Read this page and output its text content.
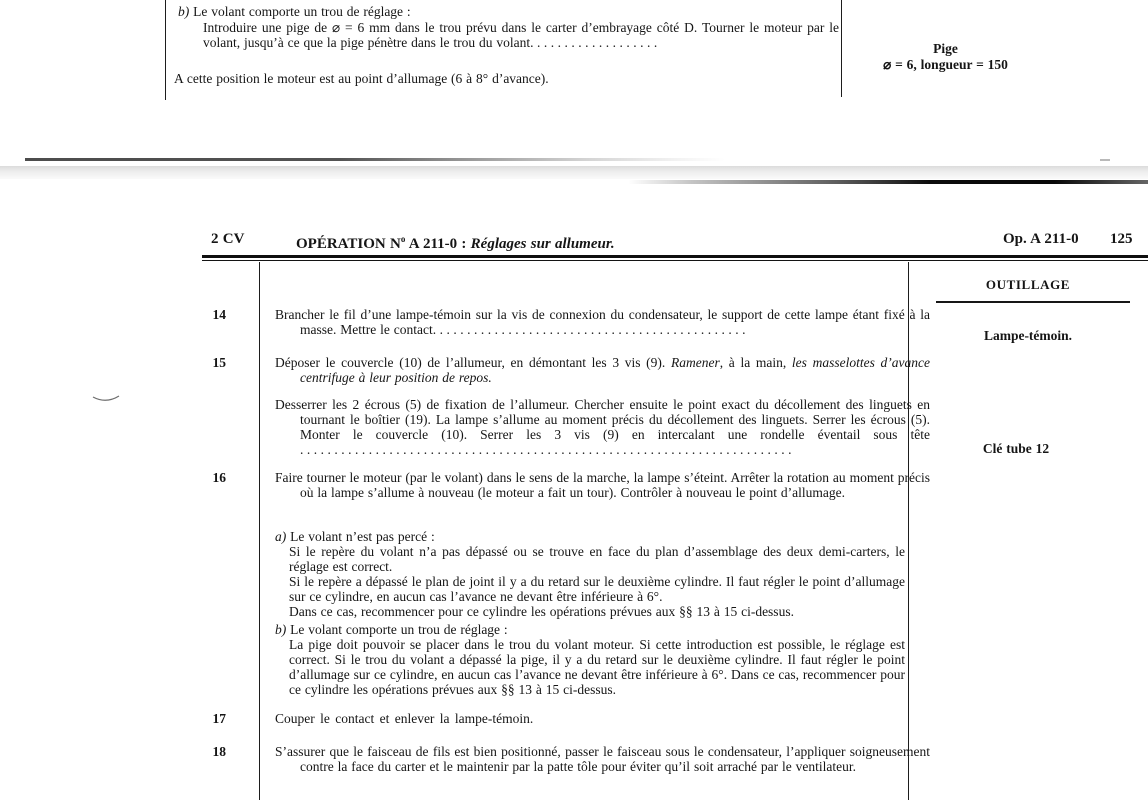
b) Le volant comporte un trou de réglage :
Introduire une pige de ⌀ = 6 mm dans le trou prévu dans le carter d’embrayage côté D. Tourner le moteur par le volant, jusqu’à ce que la pige pénètre dans le trou du volant...................
A cette position le moteur est au point d’allumage (6 à 8° d’avance).
Pige
⌀ = 6, longueur = 150
2 CV	OPÉRATION $N^o$ A 211-0 : Réglages sur allumeur.	Op. A 211-0 125
OUTILLAGE
Lampe-témoin.
Clé tube 12
14
15
16
17
18
Brancher le fil d’une lampe-témoin sur la vis de connexion du condensateur, le support de cette lampe étant fixé à la masse. Mettre le contact..............................................
Déposer le couvercle (10) de l’allumeur, en démontant les 3 vis (9). Ramener, à la main, les masselottes d’avance centrifuge à leur position de repos.
Desserrer les 2 écrous (5) de fixation de l’allumeur. Chercher ensuite le point exact du décollement des linguets en tournant le boîtier (19). La lampe s’allume au moment précis du décollement des linguets. Serrer les écrous (5). Monter le couvercle (10). Serrer les 3 vis (9) en intercalant une rondelle éventail sous tête ........................................................................
Faire tourner le moteur (par le volant) dans le sens de la marche, la lampe s’éteint. Arrêter la rotation au moment précis où la lampe s’allume à nouveau (le moteur a fait un tour). Contrôler à nouveau le point d’allumage.
a) Le volant n’est pas percé :
Si le repère du volant n’a pas dépassé ou se trouve en face du plan d’assemblage des deux demi-carters, le réglage est correct.
Si le repère a dépassé le plan de joint il y a du retard sur le deuxième cylindre. Il faut régler le point d’allumage sur ce cylindre, en aucun cas l’avance ne devant être inférieure à 6°.
Dans ce cas, recommencer pour ce cylindre les opérations prévues aux §§ 13 à 15 ci-dessus.
b) Le volant comporte un trou de réglage :
La pige doit pouvoir se placer dans le trou du volant moteur. Si cette introduction est possible, le réglage est correct. Si le trou du volant a dépassé la pige, il y a du retard sur le deuxième cylindre. Il faut régler le point d’allumage sur ce cylindre, en aucun cas l’avance ne devant être inférieure à 6°. Dans ce cas, recommencer pour ce cylindre les opérations prévues aux §§ 13 à 15 ci-dessus.
Couper le contact et enlever la lampe-témoin.
S’assurer que le faisceau de fils est bien positionné, passer le faisceau sous le condensateur, l’appliquer soigneusement contre la face du carter et le maintenir par la patte tôle pour éviter qu’il soit arraché par le ventilateur.
